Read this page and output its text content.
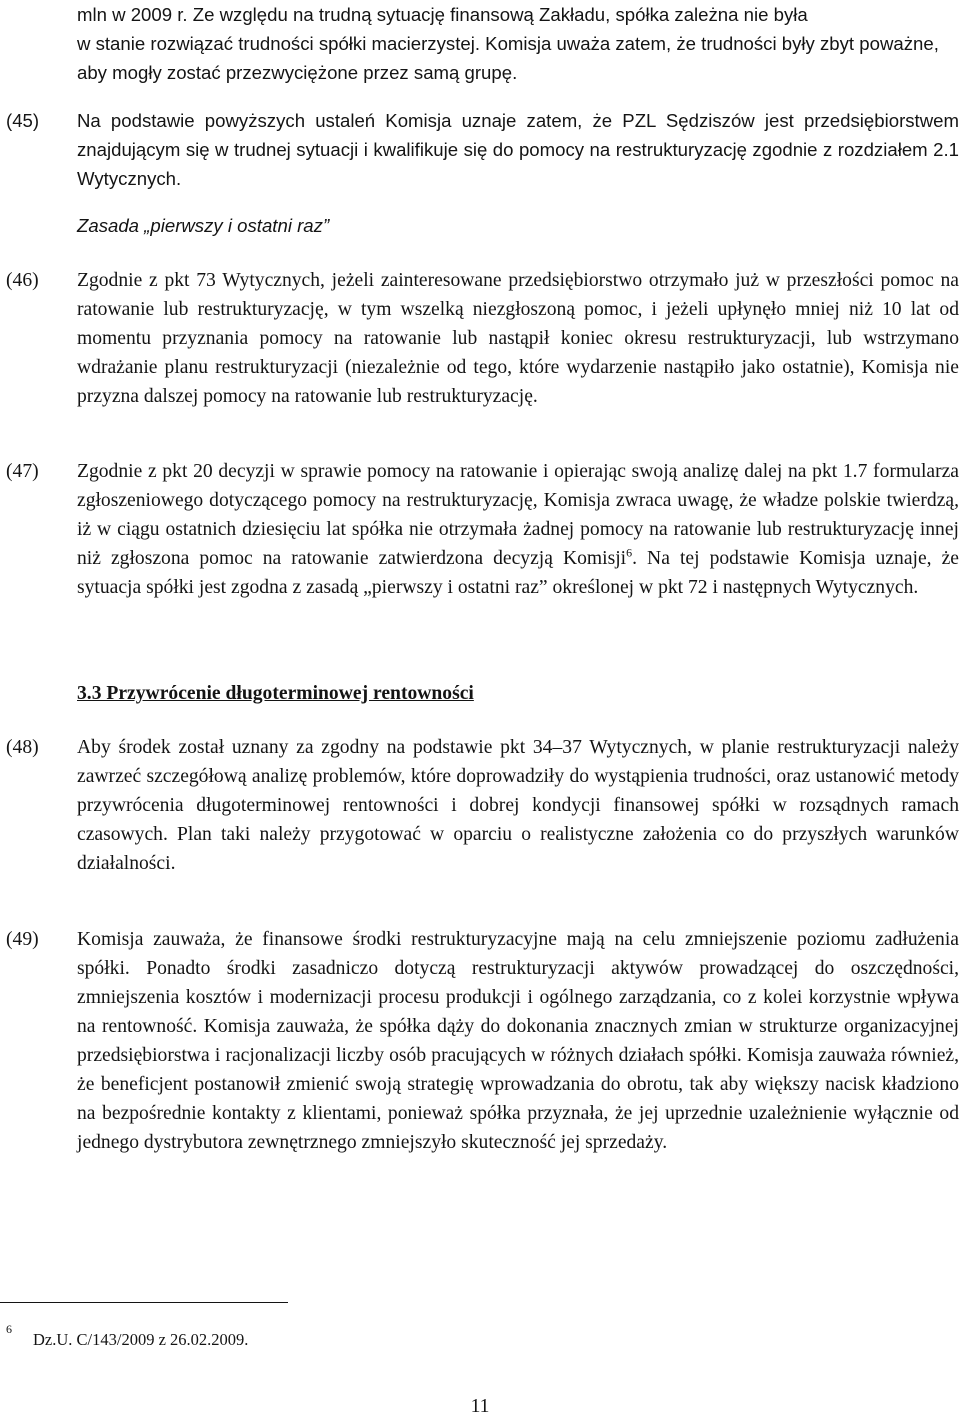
mln w 2009 r. Ze względu na trudną sytuację finansową Zakładu, spółka zależna nie była
w stanie rozwiązać trudności spółki macierzystej. Komisja uważa zatem, że trudności były zbyt poważne, aby mogły zostać przezwyciężone przez samą grupę.

(45) Na podstawie powyższych ustaleń Komisja uznaje zatem, że PZL Sędziszów jest przedsiębiorstwem znajdującym się w trudnej sytuacji i kwalifikuje się do pomocy na restrukturyzację zgodnie z rozdziałem 2.1 Wytycznych.

Zasada „pierwszy i ostatni raz”

(46) Zgodnie z pkt 73 Wytycznych, jeżeli zainteresowane przedsiębiorstwo otrzymało już w przeszłości pomoc na ratowanie lub restrukturyzację, w tym wszelką niezgłoszoną pomoc, i jeżeli upłynęło mniej niż 10 lat od momentu przyznania pomocy na ratowanie lub nastąpił koniec okresu restrukturyzacji, lub wstrzymano wdrażanie planu restrukturyzacji (niezależnie od tego, które wydarzenie nastąpiło jako ostatnie), Komisja nie przyzna dalszej pomocy na ratowanie lub restrukturyzację.

(47) Zgodnie z pkt 20 decyzji w sprawie pomocy na ratowanie i opierając swoją analizę dalej na pkt 1.7 formularza zgłoszeniowego dotyczącego pomocy na restrukturyzację, Komisja zwraca uwagę, że władze polskie twierdzą, iż w ciągu ostatnich dziesięciu lat spółka nie otrzymała żadnej pomocy na ratowanie lub restrukturyzację innej niż zgłoszona pomoc na ratowanie zatwierdzona decyzją Komisji$^6$. Na tej podstawie Komisja uznaje, że sytuacja spółki jest zgodna z zasadą „pierwszy i ostatni raz” określonej w pkt 72 i następnych Wytycznych.

3.3 Przywrócenie długoterminowej rentowności

(48) Aby środek został uznany za zgodny na podstawie pkt 34–37 Wytycznych, w planie restrukturyzacji należy zawrzeć szczegółową analizę problemów, które doprowadziły do wystąpienia trudności, oraz ustanowić metody przywrócenia długoterminowej rentowności i dobrej kondycji finansowej spółki w rozsądnych ramach czasowych. Plan taki należy przygotować w oparciu o realistyczne założenia co do przyszłych warunków działalności.

(49) Komisja zauważa, że finansowe środki restrukturyzacyjne mają na celu zmniejszenie poziomu zadłużenia spółki. Ponadto środki zasadniczo dotyczą restrukturyzacji aktywów prowadzącej do oszczędności, zmniejszenia kosztów i modernizacji procesu produkcji i ogólnego zarządzania, co z kolei korzystnie wpływa na rentowność. Komisja zauważa, że spółka dąży do dokonania znacznych zmian w strukturze organizacyjnej przedsiębiorstwa i racjonalizacji liczby osób pracujących w różnych działach spółki. Komisja zauważa również, że beneficjent postanowił zmienić swoją strategię wprowadzania do obrotu, tak aby większy nacisk kładziono na bezpośrednie kontakty z klientami, ponieważ spółka przyznała, że jej uprzednie uzależnienie wyłącznie od jednego dystrybutora zewnętrznego zmniejszyło skuteczność jej sprzedaży.

6

Dz.U. C/143/2009 z 26.02.2009.

11
